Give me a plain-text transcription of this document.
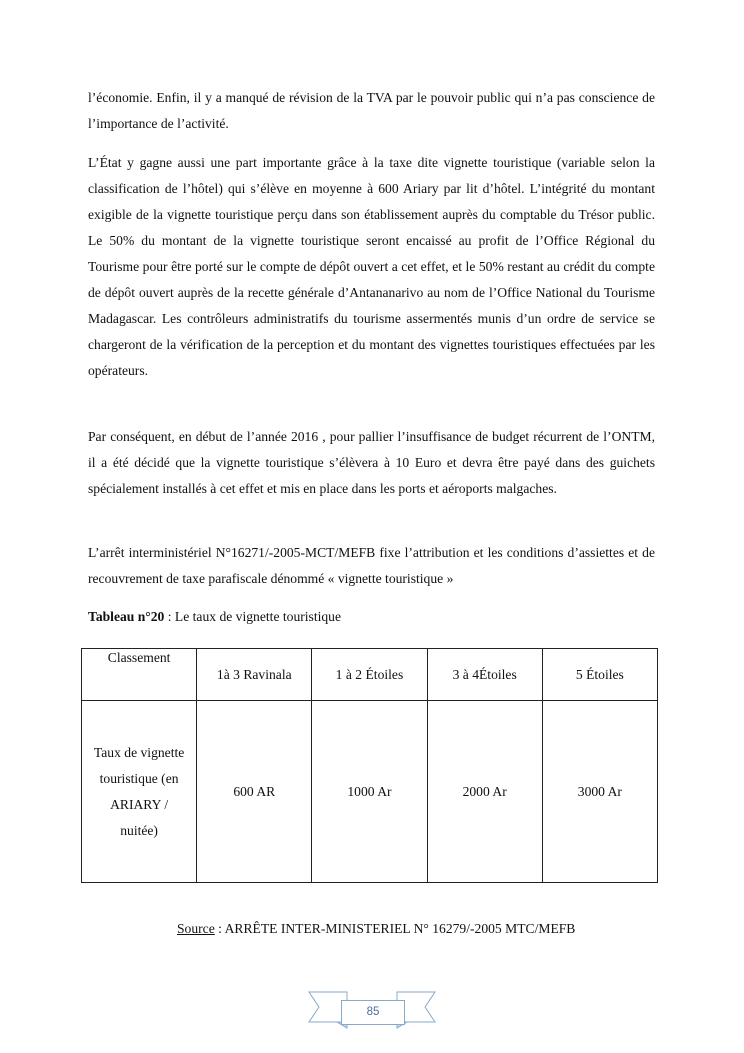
l’économie. Enfin, il y a manqué de révision de la TVA par le pouvoir public qui n’a pas conscience de l’importance de l’activité.

L’État y gagne aussi une part importante grâce à la taxe dite vignette touristique (variable selon la classification de l’hôtel) qui s’élève en moyenne à 600 Ariary par lit d’hôtel. L’intégrité du montant exigible de la vignette touristique perçu dans son établissement auprès du comptable du Trésor public. Le 50% du montant de la vignette touristique seront encaissé au profit de l’Office Régional du Tourisme pour être porté sur le compte de dépôt ouvert a cet effet, et le 50% restant au crédit du compte de dépôt ouvert auprès de la recette générale d’Antananarivo au nom de l’Office National du Tourisme Madagascar. Les contrôleurs administratifs du tourisme assermentés munis d’un ordre de service se chargeront de la vérification de la perception et du montant des vignettes touristiques effectuées par les opérateurs.

Par conséquent, en début de l’année 2016 , pour pallier l’insuffisance de budget récurrent de l’ONTM, il a été décidé que la vignette touristique s’élèvera à 10 Euro et devra être payé dans des guichets spécialement installés à cet effet et mis en place dans les ports et aéroports malgaches.

L’arrêt interministériel N°16271/-2005-MCT/MEFB fixe l’attribution et les conditions d’assiettes et de recouvrement de taxe parafiscale dénommé « vignette touristique »

Tableau n°20 : Le taux de vignette touristique
Classement	1à 3 Ravinala	1 à 2 Étoiles	3 à 4Étoiles	5 Étoiles

Taux de vignette
touristique (en
ARIARY /
nuitée)	600 AR	1000 Ar	2000 Ar	3000 Ar
Source : ARRÊTE INTER-MINISTERIEL N° 16279/-2005 MTC/MEFB
85
